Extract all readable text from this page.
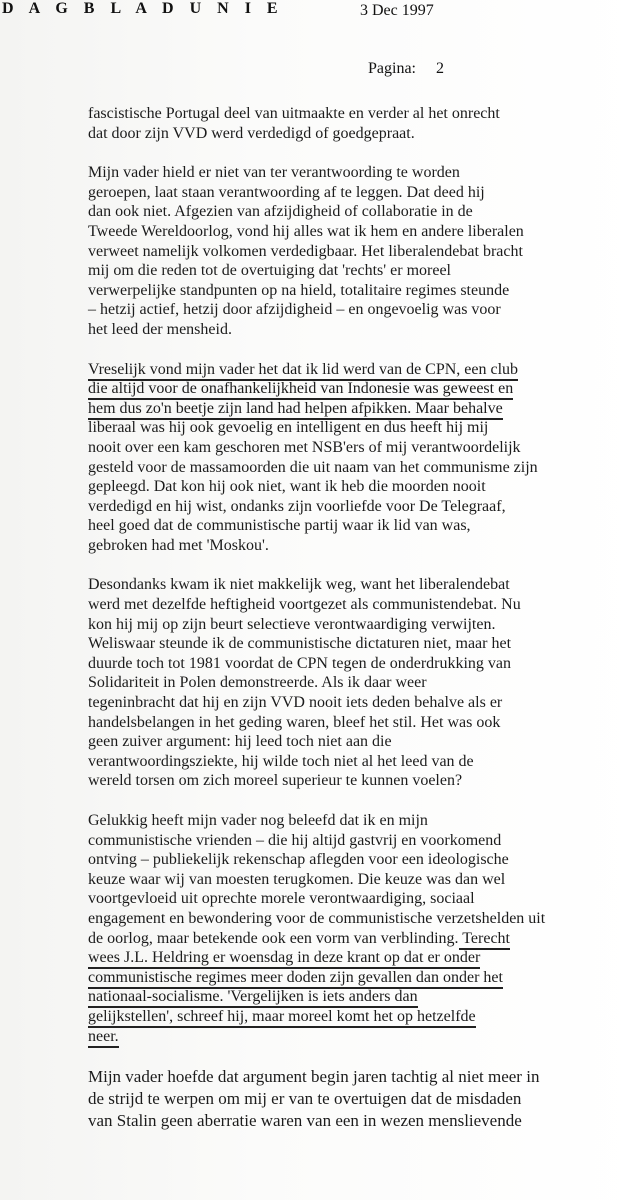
D A G B L A D U N I E	3 Dec 1997
Pagina: 2
fascistische Portugal deel van uitmaakte en verder al het onrecht
dat door zijn VVD werd verdedigd of goedgepraat.
Mijn vader hield er niet van ter verantwoording te worden
geroepen, laat staan verantwoording af te leggen. Dat deed hij
dan ook niet. Afgezien van afzijdigheid of collaboratie in de
Tweede Wereldoorlog, vond hij alles wat ik hem en andere liberalen
verweet namelijk volkomen verdedigbaar. Het liberalendebat bracht
mij om die reden tot de overtuiging dat 'rechts' er moreel
verwerpelijke standpunten op na hield, totalitaire regimes steunde
– hetzij actief, hetzij door afzijdigheid – en ongevoelig was voor
het leed der mensheid.
Vreselijk vond mijn vader het dat ik lid werd van de CPN, een club
die altijd voor de onafhankelijkheid van Indonesie was geweest en
hem dus zo'n beetje zijn land had helpen afpikken. Maar behalve
liberaal was hij ook gevoelig en intelligent en dus heeft hij mij
nooit over een kam geschoren met NSB'ers of mij verantwoordelijk
gesteld voor de massamoorden die uit naam van het communisme zijn
gepleegd. Dat kon hij ook niet, want ik heb die moorden nooit
verdedigd en hij wist, ondanks zijn voorliefde voor De Telegraaf,
heel goed dat de communistische partij waar ik lid van was,
gebroken had met 'Moskou'.
Desondanks kwam ik niet makkelijk weg, want het liberalendebat
werd met dezelfde heftigheid voortgezet als communistendebat. Nu
kon hij mij op zijn beurt selectieve verontwaardiging verwijten.
Weliswaar steunde ik de communistische dictaturen niet, maar het
duurde toch tot 1981 voordat de CPN tegen de onderdrukking van
Solidariteit in Polen demonstreerde. Als ik daar weer
tegeninbracht dat hij en zijn VVD nooit iets deden behalve als er
handelsbelangen in het geding waren, bleef het stil. Het was ook
geen zuiver argument: hij leed toch niet aan die
verantwoordingsziekte, hij wilde toch niet al het leed van de
wereld torsen om zich moreel superieur te kunnen voelen?
Gelukkig heeft mijn vader nog beleefd dat ik en mijn
communistische vrienden – die hij altijd gastvrij en voorkomend
ontving – publiekelijk rekenschap aflegden voor een ideologische
keuze waar wij van moesten terugkomen. Die keuze was dan wel
voortgevloeid uit oprechte morele verontwaardiging, sociaal
engagement en bewondering voor de communistische verzetshelden uit
de oorlog, maar betekende ook een vorm van verblinding. Terecht
wees J.L. Heldring er woensdag in deze krant op dat er onder
communistische regimes meer doden zijn gevallen dan onder het
nationaal-socialisme. 'Vergelijken is iets anders dan
gelijkstellen', schreef hij, maar moreel komt het op hetzelfde
neer.
Mijn vader hoefde dat argument begin jaren tachtig al niet meer in
de strijd te werpen om mij er van te overtuigen dat de misdaden
van Stalin geen aberratie waren van een in wezen menslievende
